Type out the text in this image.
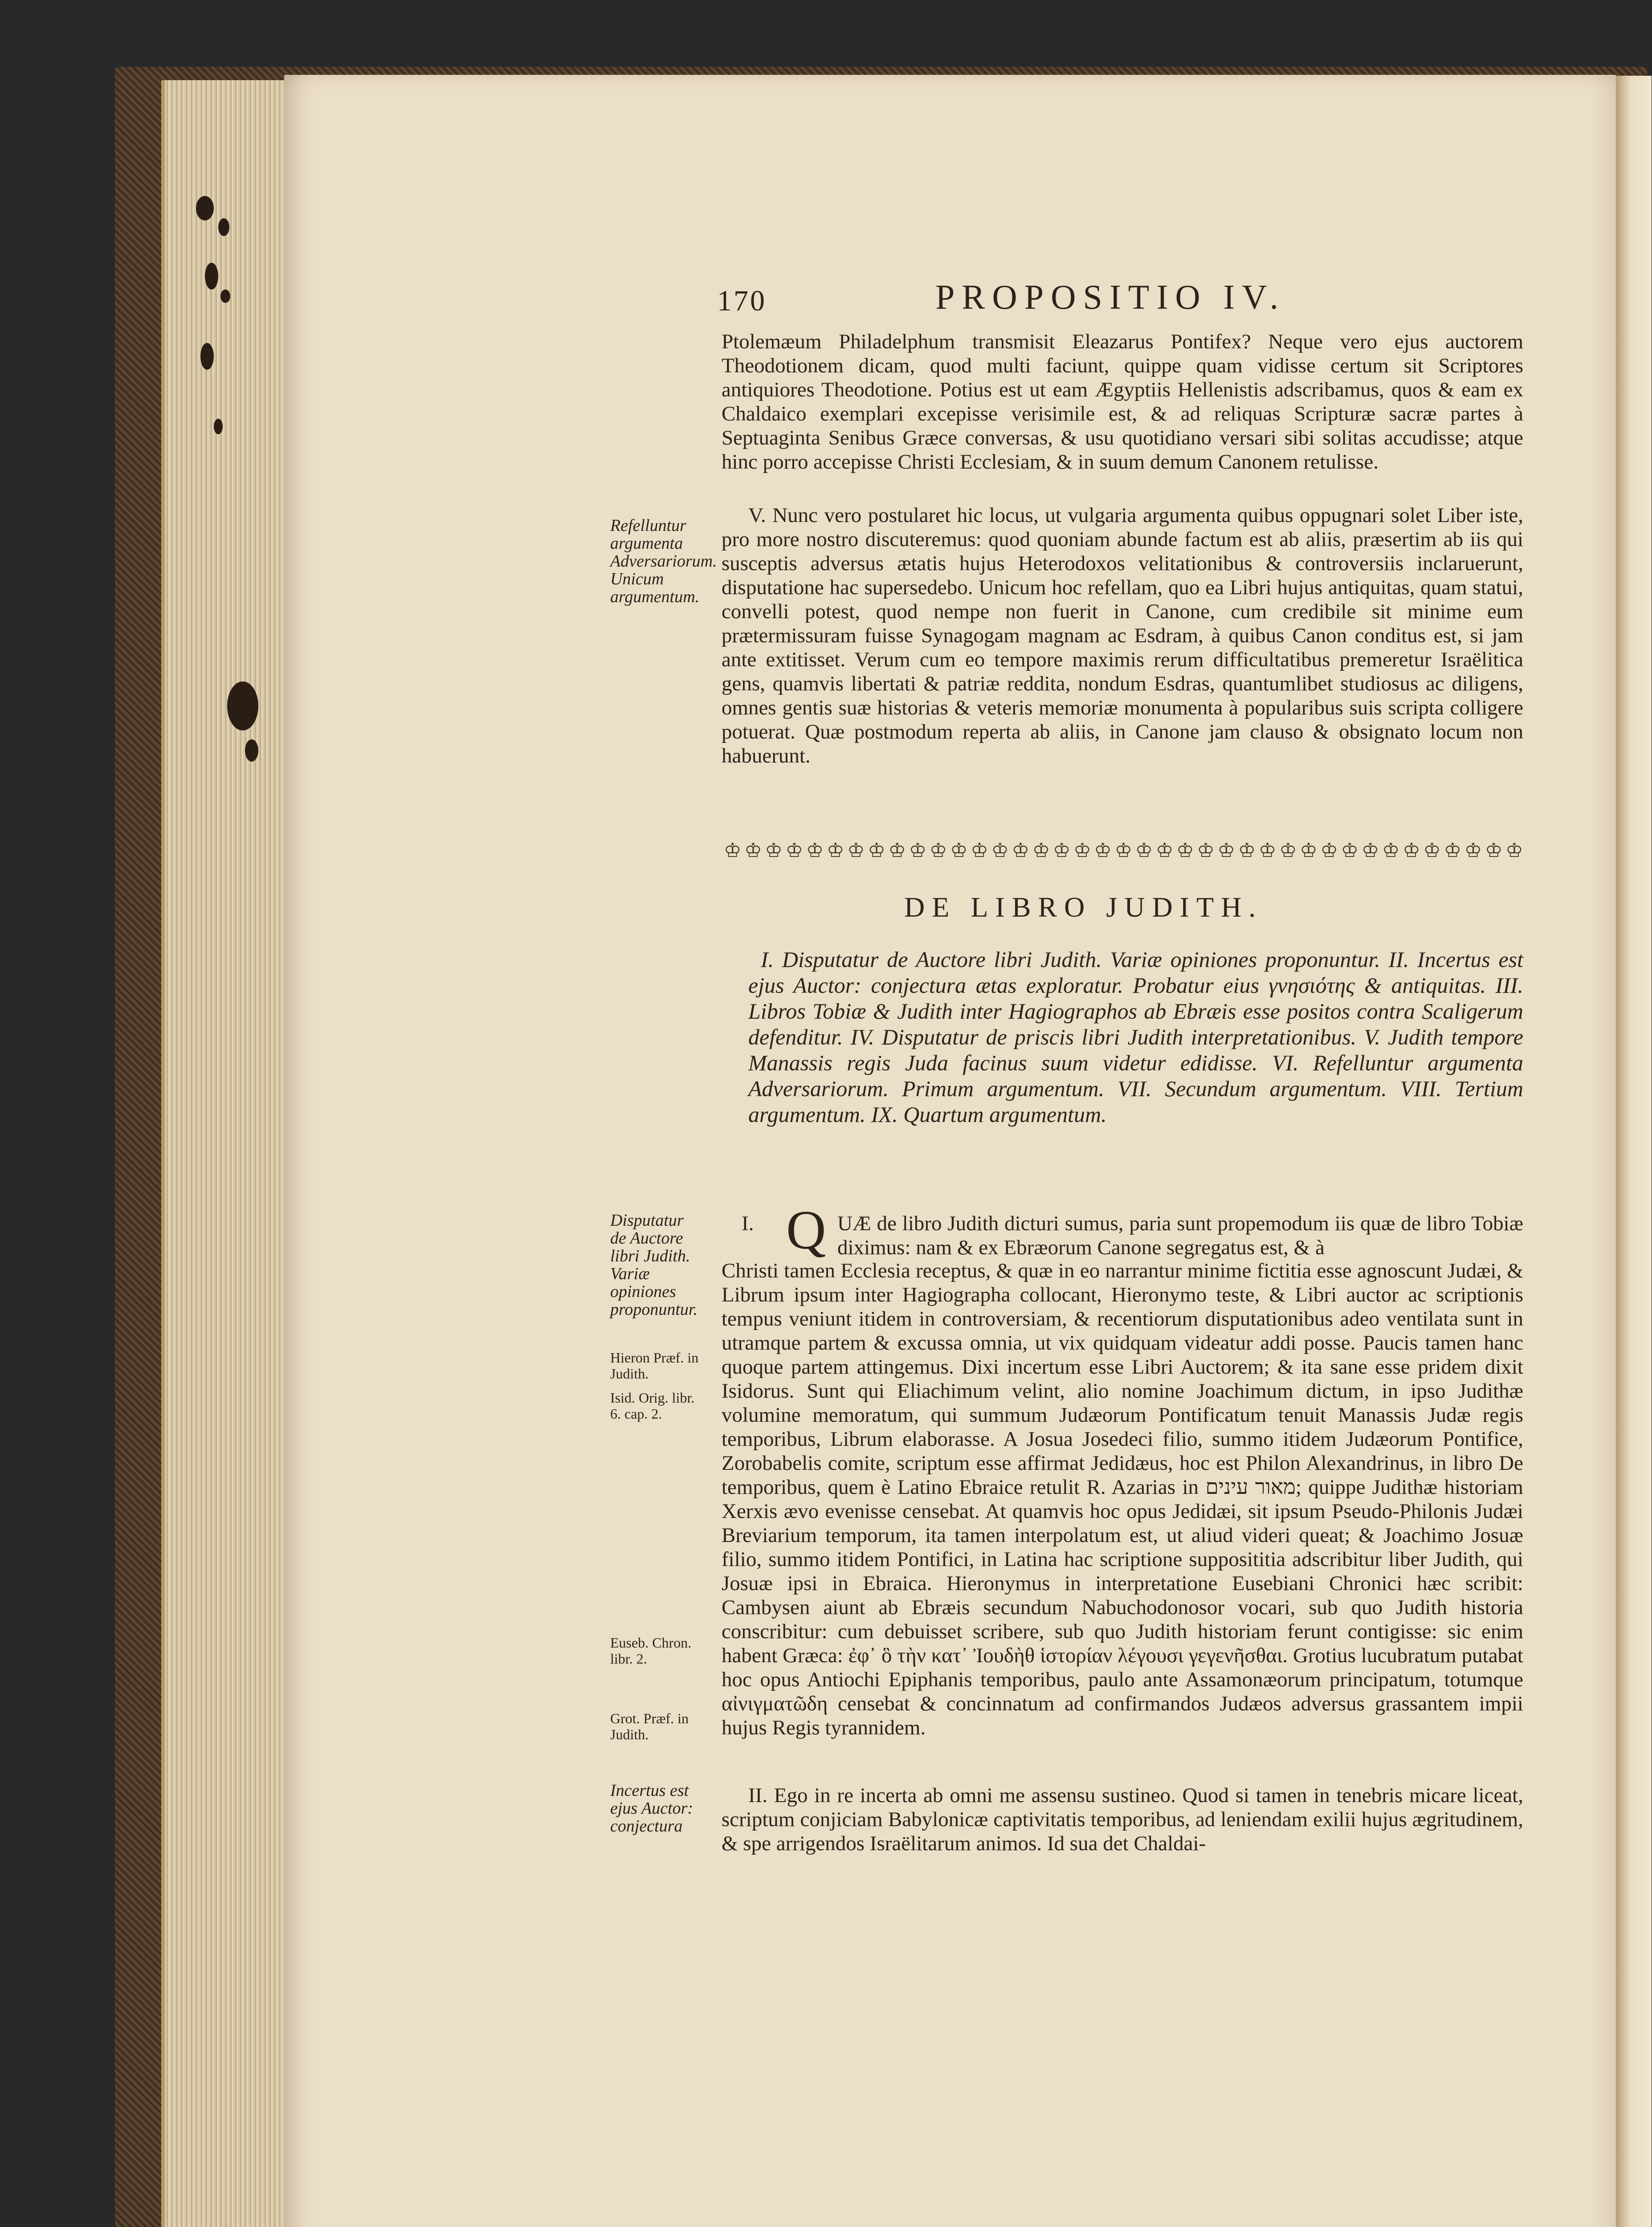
170	PROPOSITIO IV.

Ptolemæum Philadelphum transmisit Eleazarus Pontifex? Neque vero ejus auctorem Theodotionem dicam, quod multi faciunt, quippe quam vidisse certum sit Scriptores antiquiores Theodotione. Potius est ut eam Ægyptiis Hellenistis adscribamus, quos & eam ex Chaldaico exemplari excepisse verisimile est, & ad reliquas Scripturæ sacræ partes à Septuaginta Senibus Græce conversas, & usu quotidiano versari sibi solitas accudisse; atque hinc porro accepisse Christi Ecclesiam, & in suum demum Canonem retulisse.

Refelluntur argumenta Adversariorum. Unicum argumentum.

V. Nunc vero postularet hic locus, ut vulgaria argumenta quibus oppugnari solet Liber iste, pro more nostro discuteremus: quod quoniam abunde factum est ab aliis, præsertim ab iis qui susceptis adversus ætatis hujus Heterodoxos velitationibus & controversiis inclaruerunt, disputatione hac supersedebo. Unicum hoc refellam, quo ea Libri hujus antiquitas, quam statui, convelli potest, quod nempe non fuerit in Canone, cum credibile sit minime eum prætermissuram fuisse Synagogam magnam ac Esdram, à quibus Canon conditus est, si jam ante extitisset. Verum cum eo tempore maximis rerum difficultatibus premeretur Israëlitica gens, quamvis libertati & patriæ reddita, nondum Esdras, quantumlibet studiosus ac diligens, omnes gentis suæ historias & veteris memoriæ monumenta à popularibus suis scripta colligere potuerat. Quæ postmodum reperta ab aliis, in Canone jam clauso & obsignato locum non habuerunt.

♔ ♔ ♔ ♔ ♔ ♔ ♔ ♔ ♔ ♔ ♔ ♔ ♔ ♔ ♔ ♔ ♔ ♔ ♔ ♔ ♔ ♔ ♔ ♔ ♔ ♔ ♔ ♔ ♔ ♔ ♔ ♔ ♔ ♔ ♔ ♔ ♔ ♔ ♔
DE LIBRO JUDITH.
I. Disputatur de Auctore libri Judith. Variæ opiniones proponuntur. II. Incertus est ejus Auctor: conjectura ætas exploratur. Probatur eius γνησιότης & antiquitas. III. Libros Tobiæ & Judith inter Hagiographos ab Ebræis esse positos contra Scaligerum defenditur. IV. Disputatur de priscis libri Judith interpretationibus. V. Judith tempore Manassis regis Juda facinus suum videtur edidisse. VI. Refelluntur argumenta Adversariorum. Primum argumentum. VII. Secundum argumentum. VIII. Tertium argumentum. IX. Quartum argumentum.
Disputatur de Auctore libri Judith. Variæ opiniones proponuntur.
Hieron Præf. in Judith.
Isid. Orig. libr. 6. cap. 2.
Euseb. Chron. libr. 2.
Grot. Præf. in Judith.
Incertus est ejus Auctor: conjectura
I. Q UÆ de libro Judith dicturi sumus, paria sunt propemodum iis quæ de libro Tobiæ diximus: nam & ex Ebræorum Canone segregatus est, & à

Christi tamen Ecclesia receptus, & quæ in eo narrantur minime fictitia esse agnoscunt Judæi, & Librum ipsum inter Hagiographa collocant, Hieronymo teste, & Libri auctor ac scriptionis tempus veniunt itidem in controversiam, & recentiorum disputationibus adeo ventilata sunt in utramque partem & excussa omnia, ut vix quidquam videatur addi posse. Paucis tamen hanc quoque partem attingemus. Dixi incertum esse Libri Auctorem; & ita sane esse pridem dixit Isidorus. Sunt qui Eliachimum velint, alio nomine Joachimum dictum, in ipso Judithæ volumine memoratum, qui summum Judæorum Pontificatum tenuit Manassis Judæ regis temporibus, Librum elaborasse. A Josua Josedeci filio, summo itidem Judæorum Pontifice, Zorobabelis comite, scriptum esse affirmat Jedidæus, hoc est Philon Alexandrinus, in libro De temporibus, quem è Latino Ebraice retulit R. Azarias in מאור עינים; quippe Judithæ historiam Xerxis ævo evenisse censebat. At quamvis hoc opus Jedidæi, sit ipsum Pseudo-Philonis Judæi Breviarium temporum, ita tamen interpolatum est, ut aliud videri queat; & Joachimo Josuæ filio, summo itidem Pontifici, in Latina hac scriptione supposititia adscribitur liber Judith, qui Josuæ ipsi in Ebraica. Hieronymus in interpretatione Eusebiani Chronici hæc scribit: Cambysen aiunt ab Ebræis secundum Nabuchodonosor vocari, sub quo Judith historia conscribitur: cum debuisset scribere, sub quo Judith historiam ferunt contigisse: sic enim habent Græca: ἐφ᾽ ὃ τὴν κατ᾽ Ἰουδὴθ ἱστορίαν λέγουσι γεγενῆσθαι. Grotius lucubratum putabat hoc opus Antiochi Epiphanis temporibus, paulo ante Assamonæorum principatum, totumque αἰνιγματῶδη censebat & concinnatum ad confirmandos Judæos adversus grassantem impii hujus Regis tyrannidem.

II. Ego in re incerta ab omni me assensu sustineo. Quod si tamen in tenebris micare liceat, scriptum conjiciam Babylonicæ captivitatis temporibus, ad leniendam exilii hujus ægritudinem, & spe arrigendos Israëlitarum animos. Id sua det Chaldai-
